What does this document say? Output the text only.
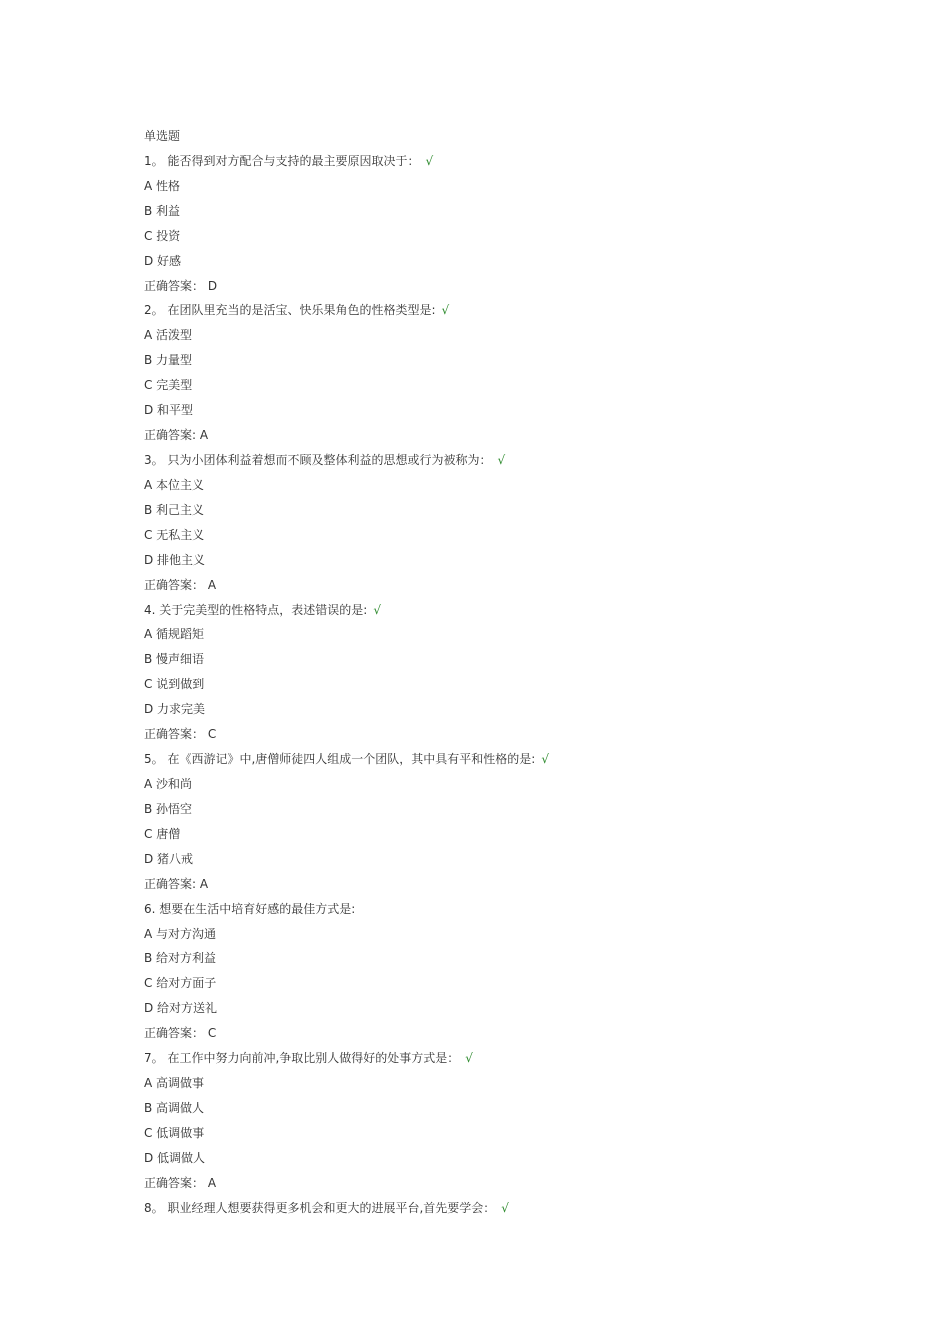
单选题
1。 能否得到对方配合与支持的最主要原因取决于： √
A 性格
B 利益
C 投资
D 好感
正确答案： D
2。 在团队里充当的是活宝、快乐果角色的性格类型是: √
A 活泼型
B 力量型
C 完美型
D 和平型
正确答案: A
3。 只为小团体利益着想而不顾及整体利益的思想或行为被称为： √
A 本位主义
B 利己主义
C 无私主义
D 排他主义
正确答案： A
4. 关于完美型的性格特点，表述错误的是: √
A 循规蹈矩
B 慢声细语
C 说到做到
D 力求完美
正确答案： C
5。 在《西游记》中,唐僧师徒四人组成一个团队，其中具有平和性格的是: √
A 沙和尚
B 孙悟空
C 唐僧
D 猪八戒
正确答案: A
6. 想要在生活中培育好感的最佳方式是:
A 与对方沟通
B 给对方利益
C 给对方面子
D 给对方送礼
正确答案： C
7。 在工作中努力向前冲,争取比别人做得好的处事方式是： √
A 高调做事
B 高调做人
C 低调做事
D 低调做人
正确答案： A
8。 职业经理人想要获得更多机会和更大的进展平台,首先要学会： √
